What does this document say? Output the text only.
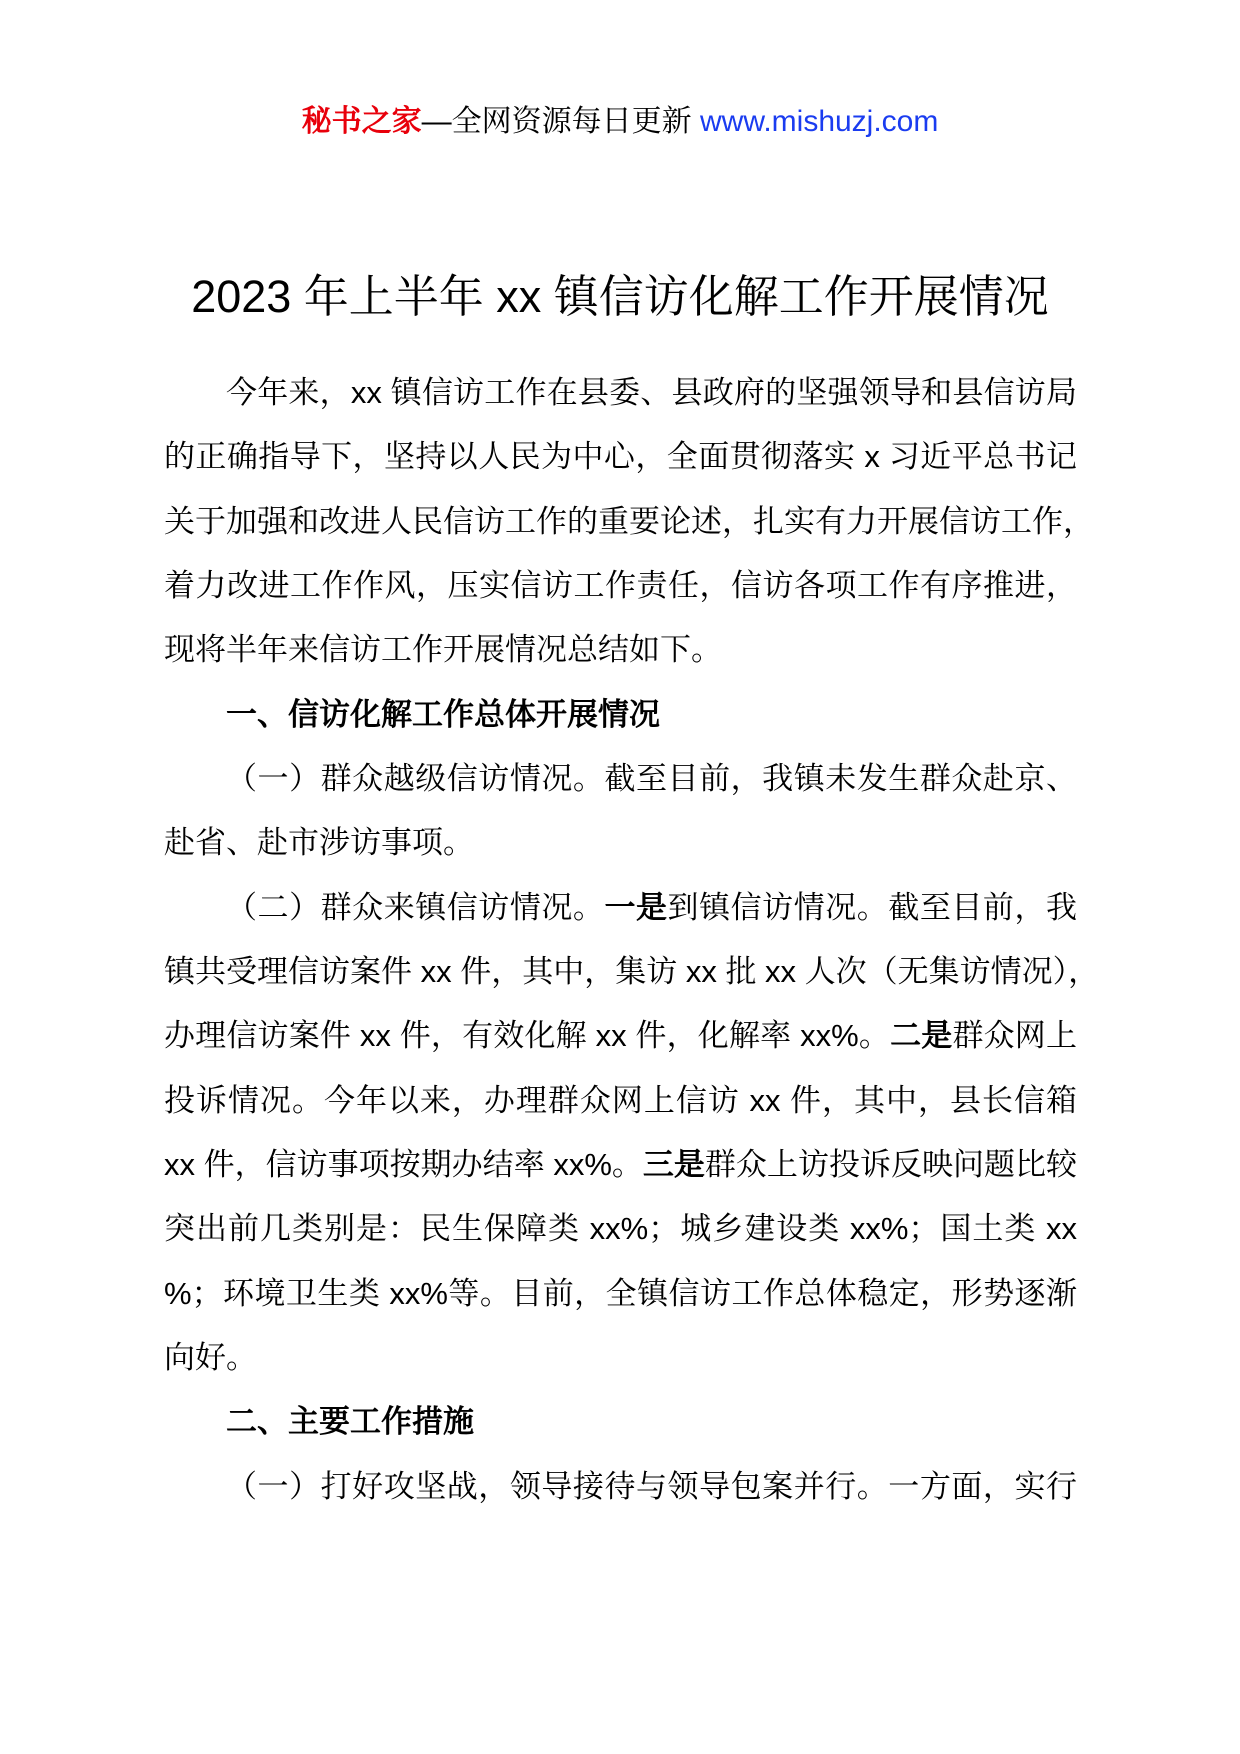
秘书之家—全网资源每日更新 www.mishuzj.com
2023 年上半年 xx 镇信访化解工作开展情况
今年来，xx 镇信访工作在县委、县政府的坚强领导和县信访局
的正确指导下，坚持以人民为中心，全面贯彻落实 x 习近平总书记
关于加强和改进人民信访工作的重要论述，扎实有力开展信访工作，
着力改进工作作风，压实信访工作责任，信访各项工作有序推进，
现将半年来信访工作开展情况总结如下。
一、信访化解工作总体开展情况
（一）群众越级信访情况。截至目前，我镇未发生群众赴京、
赴省、赴市涉访事项。
（二）群众来镇信访情况。一是到镇信访情况。截至目前，我
镇共受理信访案件 xx 件，其中，集访 xx 批 xx 人次（无集访情况），
办理信访案件 xx 件，有效化解 xx 件，化解率 xx%。二是群众网上
投诉情况。今年以来，办理群众网上信访 xx 件，其中，县长信箱
xx 件，信访事项按期办结率 xx%。三是群众上访投诉反映问题比较
突出前几类别是：民生保障类 xx%；城乡建设类 xx%；国土类 xx
%；环境卫生类 xx%等。目前，全镇信访工作总体稳定，形势逐渐
向好。
二、主要工作措施
（一）打好攻坚战，领导接待与领导包案并行。一方面，实行
